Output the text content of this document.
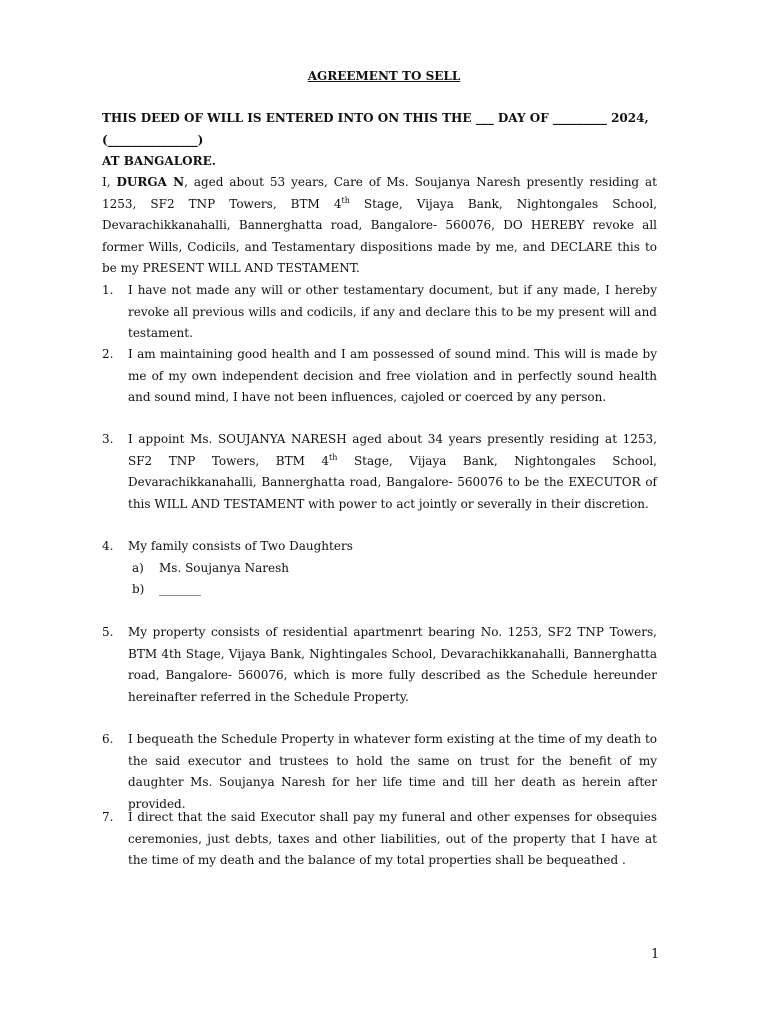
AGREEMENT TO SELL
THIS DEED OF WILL IS ENTERED INTO ON THIS THE ___ DAY OF _________ 2024, (_______________)
AT BANGALORE.
I, DURGA N, aged about 53 years, Care of Ms. Soujanya Naresh presently residing at 1253, SF2 TNP Towers, BTM 4th Stage, Vijaya Bank, Nightongales School, Devarachikkanahalli, Bannerghatta road, Bangalore- 560076, DO HEREBY revoke all former Wills, Codicils, and Testamentary dispositions made by me, and DECLARE this to be my PRESENT WILL AND TESTAMENT.
1. I have not made any will or other testamentary document, but if any made, I hereby revoke all previous wills and codicils, if any and declare this to be my present will and testament.
2. I am maintaining good health and I am possessed of sound mind. This will is made by me of my own independent decision and free violation and in perfectly sound health and sound mind, I have not been influences, cajoled or coerced by any person.
3. I appoint Ms. SOUJANYA NARESH aged about 34 years presently residing at 1253, SF2 TNP Towers, BTM 4th Stage, Vijaya Bank, Nightongales School, Devarachikkanahalli, Bannerghatta road, Bangalore- 560076 to be the EXECUTOR of this WILL AND TESTAMENT with power to act jointly or severally in their discretion.
4. My family consists of Two Daughters
a) Ms. Soujanya Naresh
b) _______
5. My property consists of residential apartmenrt bearing No. 1253, SF2 TNP Towers, BTM 4th Stage, Vijaya Bank, Nightingales School, Devarachikkanahalli, Bannerghatta road, Bangalore- 560076, which is more fully described as the Schedule hereunder hereinafter referred in the Schedule Property.
6. I bequeath the Schedule Property in whatever form existing at the time of my death to the said executor and trustees to hold the same on trust for the benefit of my daughter Ms. Soujanya Naresh for her life time and till her death as herein after provided.
7. I direct that the said Executor shall pay my funeral and other expenses for obsequies ceremonies, just debts, taxes and other liabilities, out of the property that I have at the time of my death and the balance of my total properties shall be bequeathed .
1
